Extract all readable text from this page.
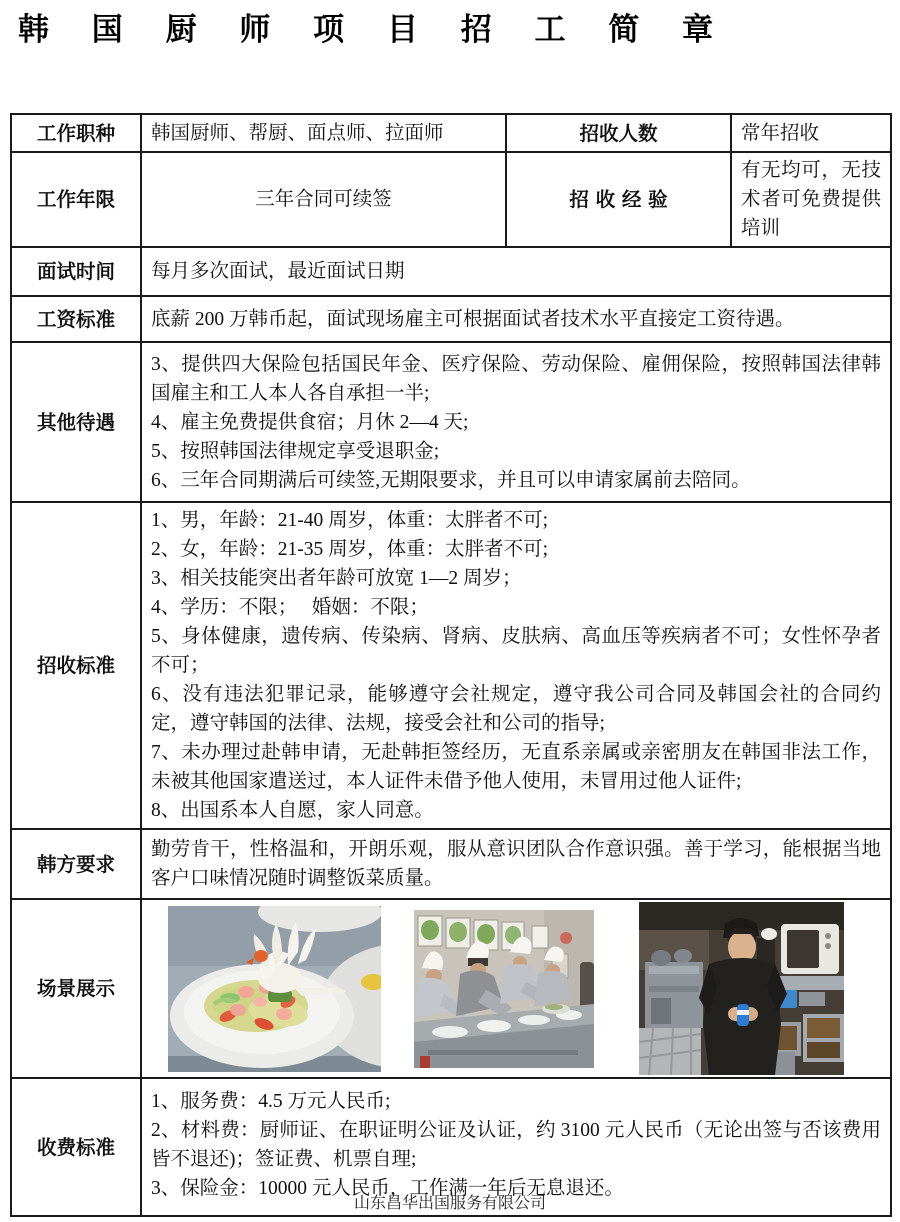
韩 国 厨 师 项 目 招 工 简 章
工作职种	韩国厨师、帮厨、面点师、拉面师	招收人数	常年招收
工作年限	三年合同可续签	招 收 经 验	有无均可，无技术者可免费提供培训
面试时间	每月多次面试，最近面试日期		
工资标准	底薪 200 万韩币起，面试现场雇主可根据面试者技术水平直接定工资待遇。		
其他待遇	3、提供四大保险包括国民年金、医疗保险、劳动保险、雇佣保险，按照韩国法律韩国雇主和工人本人各自承担一半;
4、雇主免费提供食宿；月休 2—4 天;
5、按照韩国法律规定享受退职金;
6、三年合同期满后可续签,无期限要求，并且可以申请家属前去陪同。		

招收标准	
1、男，年龄：21-40 周岁，体重：太胖者不可;
2、女，年龄：21-35 周岁，体重：太胖者不可;
3、相关技能突出者年龄可放宽 1—2 周岁；
4、学历：不限；　 婚姻：不限；
5、身体健康，遗传病、传染病、肾病、皮肤病、高血压等疾病者不可；女性怀孕者不可；
6、没有违法犯罪记录，能够遵守会社规定，遵守我公司合同及韩国会社的合同约定，遵守韩国的法律、法规，接受会社和公司的指导;
7、未办理过赴韩申请，无赴韩拒签经历，无直系亲属或亲密朋友在韩国非法工作，未被其他国家遣送过，本人证件未借予他人使用，未冒用过他人证件;
8、出国系本人自愿，家人同意。

韩方要求	勤劳肯干，性格温和，开朗乐观，服从意识团队合作意识强。善于学习，能根据当地客户口味情况随时调整饭菜质量。		
场景展示	

收费标准	1、服务费：4.5 万元人民币;
2、材料费：厨师证、在职证明公证及认证，约 3100 元人民币（无论出签与否该费用皆不退还)；签证费、机票自理;
3、保险金：10000 元人民币，工作满一年后无息退还。		
山东昌华出国服务有限公司
